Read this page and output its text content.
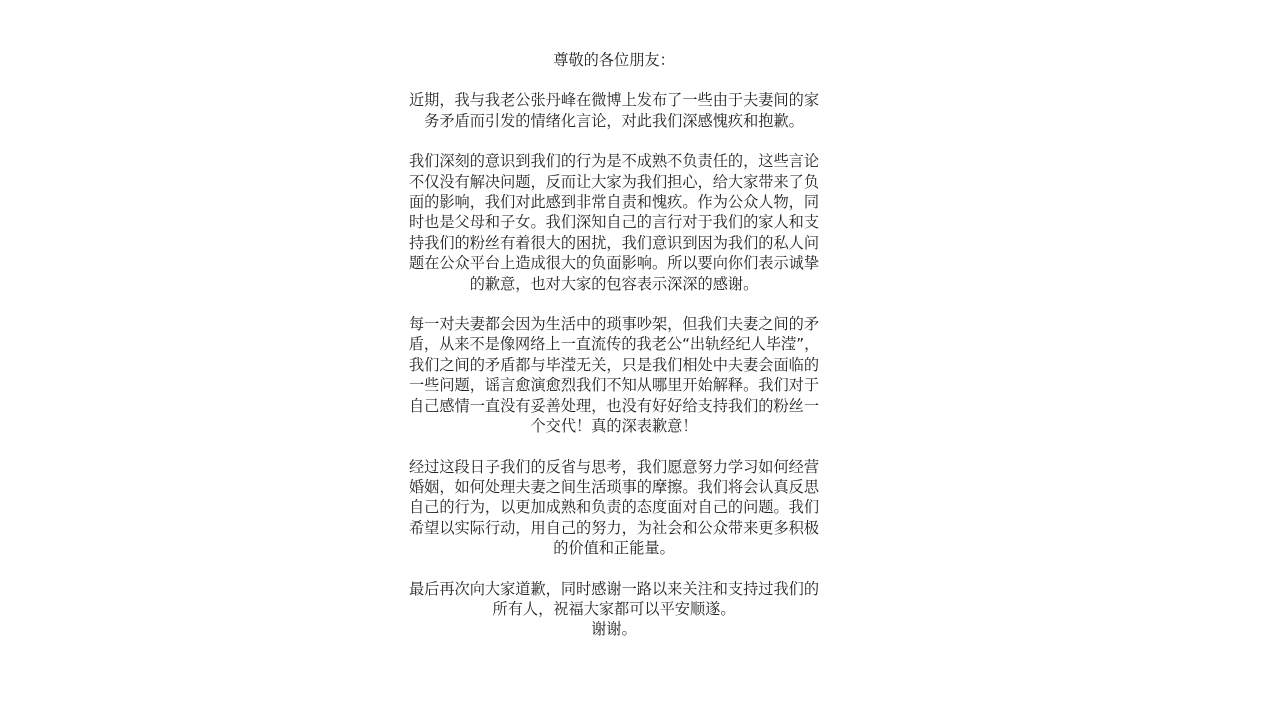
尊敬的各位朋友：

近期，我与我老公张丹峰在微博上发布了一些由于夫妻间的家务矛盾而引发的情绪化言论，对此我们深感愧疚和抱歉。

我们深刻的意识到我们的行为是不成熟不负责任的，这些言论不仅没有解决问题，反而让大家为我们担心，给大家带来了负面的影响，我们对此感到非常自责和愧疚。作为公众人物，同时也是父母和子女。我们深知自己的言行对于我们的家人和支持我们的粉丝有着很大的困扰，我们意识到因为我们的私人问题在公众平台上造成很大的负面影响。所以要向你们表示诚挚的歉意，也对大家的包容表示深深的感谢。

每一对夫妻都会因为生活中的琐事吵架，但我们夫妻之间的矛盾，从来不是像网络上一直流传的我老公“出轨经纪人毕滢”，我们之间的矛盾都与毕滢无关，只是我们相处中夫妻会面临的一些问题，谣言愈演愈烈我们不知从哪里开始解释。我们对于自己感情一直没有妥善处理，也没有好好给支持我们的粉丝一个交代！真的深表歉意！

经过这段日子我们的反省与思考，我们愿意努力学习如何经营婚姻，如何处理夫妻之间生活琐事的摩擦。我们将会认真反思自己的行为，以更加成熟和负责的态度面对自己的问题。我们希望以实际行动，用自己的努力，为社会和公众带来更多积极的价值和正能量。

最后再次向大家道歉，同时感谢一路以来关注和支持过我们的所有人，祝福大家都可以平安顺遂。

谢谢。
